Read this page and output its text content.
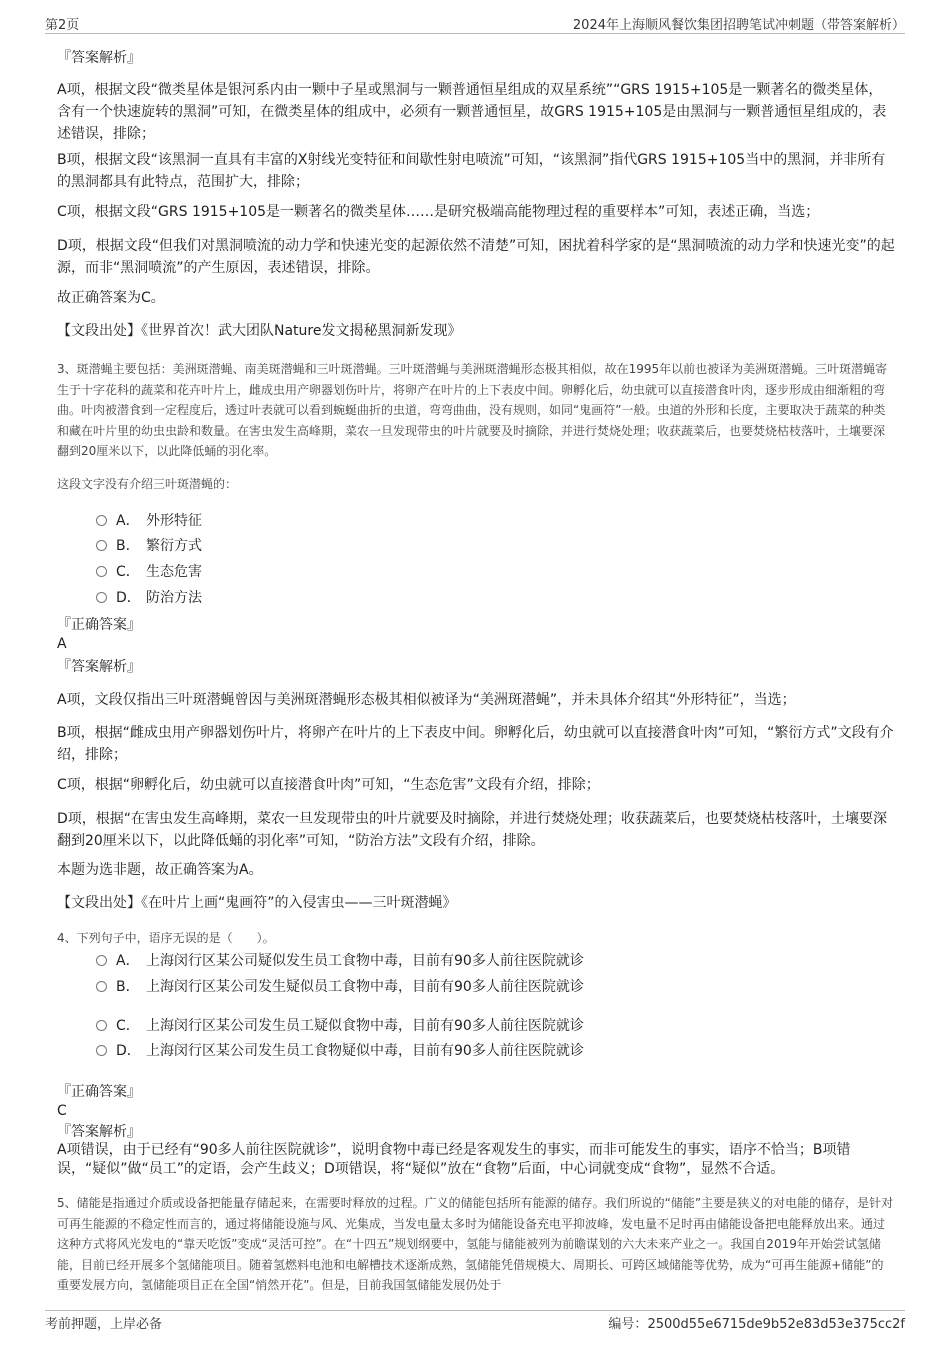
第2页	2024年上海顺风餐饮集团招聘笔试冲刺题（带答案解析）
『答案解析』
A项，根据文段“微类星体是银河系内由一颗中子星或黑洞与一颗普通恒星组成的双星系统”“GRS 1915+105是一颗著名的微类星体，含有一个快速旋转的黑洞”可知，在微类星体的组成中，必须有一颗普通恒星，故GRS 1915+105是由黑洞与一颗普通恒星组成的，表述错误，排除；
B项，根据文段“该黑洞一直具有丰富的X射线光变特征和间歇性射电喷流”可知，“该黑洞”指代GRS 1915+105当中的黑洞，并非所有的黑洞都具有此特点，范围扩大，排除；
C项，根据文段“GRS 1915+105是一颗著名的微类星体……是研究极端高能物理过程的重要样本”可知，表述正确，当选；
D项，根据文段“但我们对黑洞喷流的动力学和快速光变的起源依然不清楚”可知，困扰着科学家的是“黑洞喷流的动力学和快速光变”的起源，而非“黑洞喷流”的产生原因，表述错误，排除。
故正确答案为C。
【文段出处】《世界首次！武大团队Nature发文揭秘黑洞新发现》
3、斑潜蝇主要包括：美洲斑潜蝇、南美斑潜蝇和三叶斑潜蝇。三叶斑潜蝇与美洲斑潜蝇形态极其相似，故在1995年以前也被译为美洲斑潜蝇。三叶斑潜蝇寄生于十字花科的蔬菜和花卉叶片上，雌成虫用产卵器划伤叶片，将卵产在叶片的上下表皮中间。卵孵化后，幼虫就可以直接潜食叶肉，逐步形成由细渐粗的弯曲。叶肉被潜食到一定程度后，透过叶表就可以看到蜿蜒曲折的虫道，弯弯曲曲，没有规则，如同“鬼画符”一般。虫道的外形和长度，主要取决于蔬菜的种类和藏在叶片里的幼虫虫龄和数量。在害虫发生高峰期，菜农一旦发现带虫的叶片就要及时摘除，并进行焚烧处理；收获蔬菜后，也要焚烧枯枝落叶，土壤要深翻到20厘米以下，以此降低蛹的羽化率。
这段文字没有介绍三叶斑潜蝇的：
A． 外形特征
B． 繁衍方式
C． 生态危害
D． 防治方法
『正确答案』
A
『答案解析』
A项，文段仅指出三叶斑潜蝇曾因与美洲斑潜蝇形态极其相似被译为“美洲斑潜蝇”，并未具体介绍其“外形特征”，当选；
B项，根据“雌成虫用产卵器划伤叶片，将卵产在叶片的上下表皮中间。卵孵化后，幼虫就可以直接潜食叶肉”可知，“繁衍方式”文段有介绍，排除；
C项，根据“卵孵化后，幼虫就可以直接潜食叶肉”可知，“生态危害”文段有介绍，排除；
D项，根据“在害虫发生高峰期，菜农一旦发现带虫的叶片就要及时摘除，并进行焚烧处理；收获蔬菜后，也要焚烧枯枝落叶，土壤要深翻到20厘米以下，以此降低蛹的羽化率”可知，“防治方法”文段有介绍，排除。
本题为选非题，故正确答案为A。
【文段出处】《在叶片上画“鬼画符”的入侵害虫——三叶斑潜蝇》
4、下列句子中，语序无误的是（　　）。
A． 上海闵行区某公司疑似发生员工食物中毒，目前有90多人前往医院就诊
B． 上海闵行区某公司发生疑似员工食物中毒，目前有90多人前往医院就诊
C． 上海闵行区某公司发生员工疑似食物中毒，目前有90多人前往医院就诊
D． 上海闵行区某公司发生员工食物疑似中毒，目前有90多人前往医院就诊
『正确答案』
C
『答案解析』
A项错误，由于已经有“90多人前往医院就诊”，说明食物中毒已经是客观发生的事实，而非可能发生的事实，语序不恰当；B项错误，“疑似”做“员工”的定语，会产生歧义；D项错误，将“疑似”放在“食物”后面，中心词就变成“食物”，显然不合适。
5、储能是指通过介质或设备把能量存储起来，在需要时释放的过程。广义的储能包括所有能源的储存。我们所说的“储能”主要是狭义的对电能的储存，是针对可再生能源的不稳定性而言的，通过将储能设施与风、光集成，当发电量太多时为储能设备充电平抑波峰，发电量不足时再由储能设备把电能释放出来。通过这种方式将风光发电的“靠天吃饭”变成“灵活可控”。在“十四五”规划纲要中，氢能与储能被列为前瞻谋划的六大未来产业之一。我国自2019年开始尝试氢储能，目前已经开展多个氢储能项目。随着氢燃料电池和电解槽技术逐渐成熟，氢储能凭借规模大、周期长、可跨区域储能等优势，成为“可再生能源+储能”的重要发展方向，氢储能项目正在全国“悄然开花”。但是，目前我国氢储能发展仍处于
考前押题，上岸必备	编号：2500d55e6715de9b52e83d53e375cc2f
